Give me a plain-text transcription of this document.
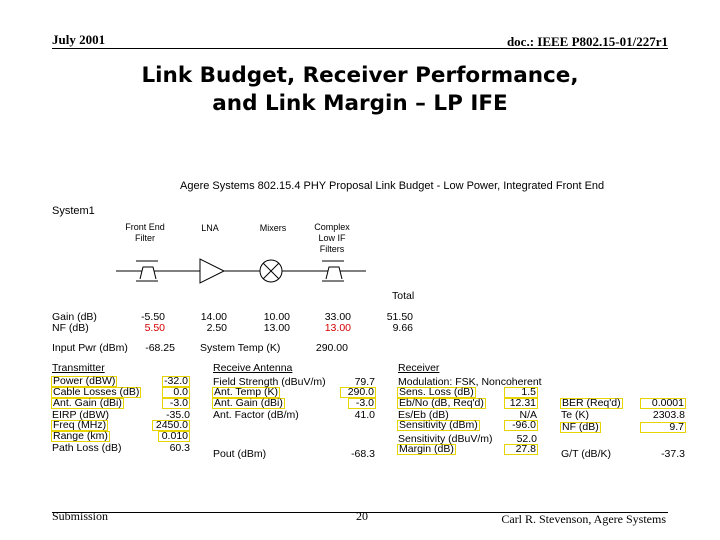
July 2001	doc.: IEEE P802.15-01/227r1
Link Budget, Receiver Performance,
and Link Margin – LP IFE
Agere Systems 802.15.4 PHY Proposal Link Budget - Low Power, Integrated Front End
System1
Front End
Filter
LNA	Mixers	Complex
Low IF
Filters
Total
Gain (dB)	-5.50	14.00	10.00	33.00	51.50
NF (dB)	5.50	2.50	13.00	13.00	9.66
Input Pwr (dBm)	-68.25 System Temp (K)	290.00
Transmitter	Receive Antenna	Receiver
Power (dBW)	-32.0
Cable Losses (dB)	0.0
Ant. Gain (dBi)	-3.0
EIRP (dBW)	-35.0
Freq (MHz)	2450.0
Range (km)	0.010
Path Loss (dB)	60.3
Field Strength (dBuV/m)	79.7
Ant. Temp (K)	290.0
Ant. Gain (dBi)	-3.0
Ant. Factor (dB/m)	41.0
Pout (dBm)	-68.3
Modulation: FSK, Noncoherent
Sens. Loss (dB)	1.5
Eb/No (dB, Req'd)	12.31
Es/Eb (dB)	N/A
Sensitivity (dBm)	-96.0
Sensitivity (dBuV/m)	52.0
Margin (dB)	27.8
BER (Req'd)	0.0001
Te (K)	2303.8
NF (dB)	9.7
G/T (dB/K)	-37.3
Submission	20	Carl R. Stevenson, Agere Systems
